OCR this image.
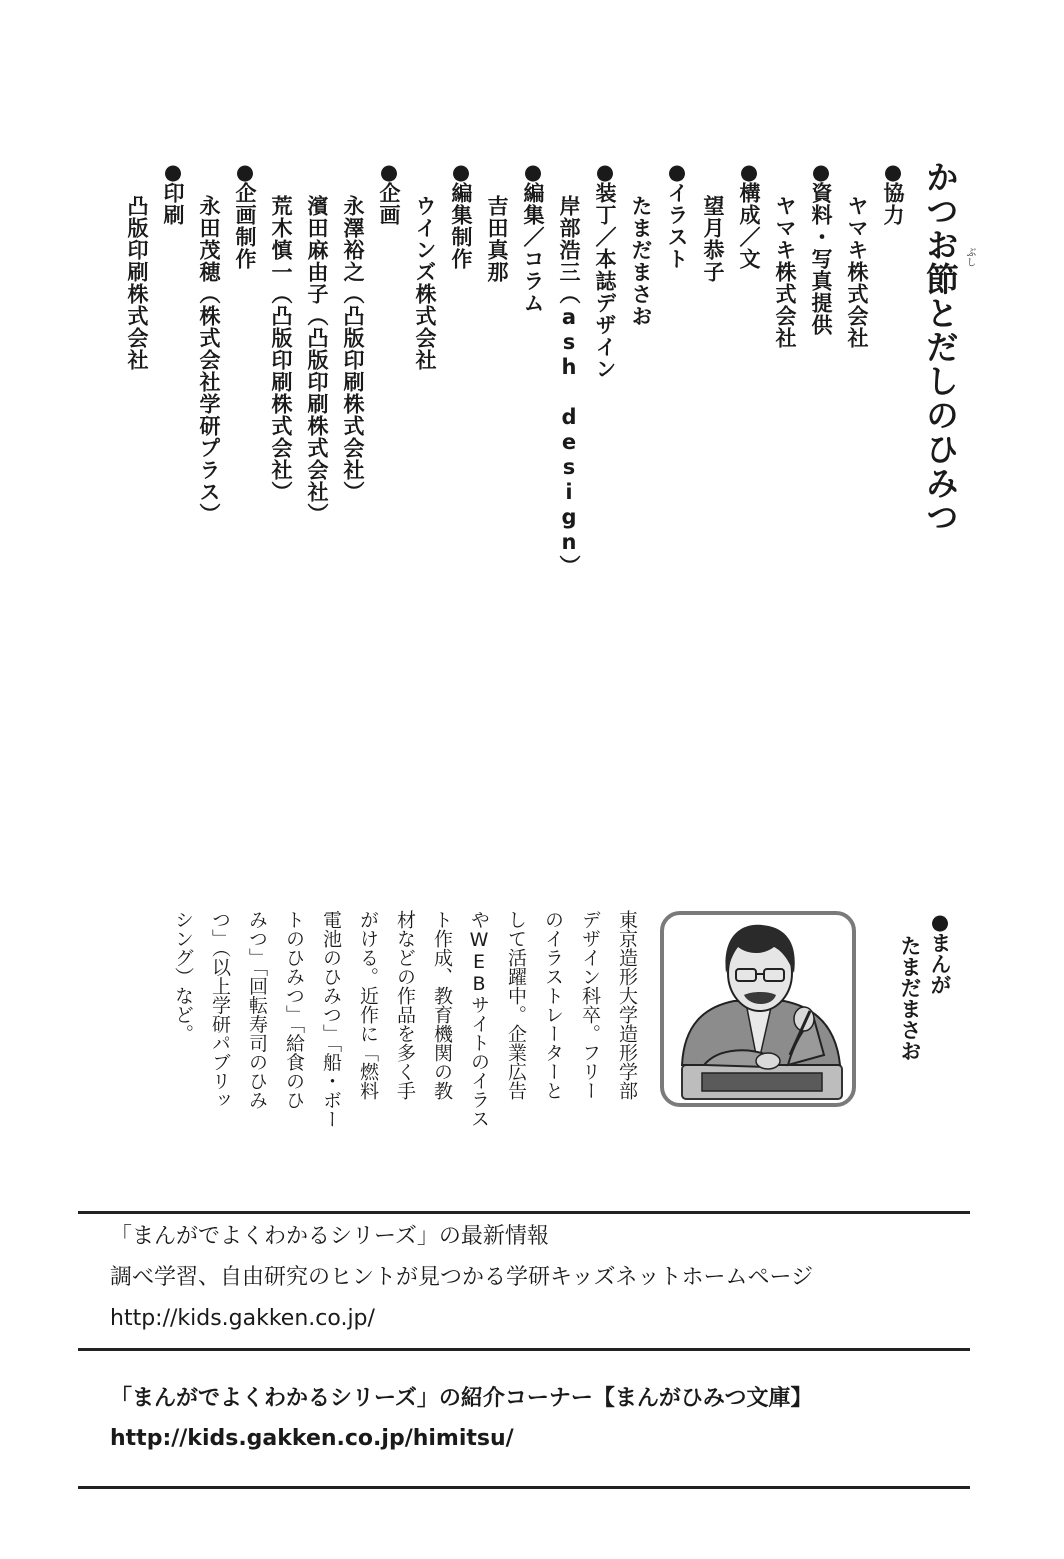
かつお節とだしのひみつ ぶし

●協力

ヤマキ株式会社

●資料・写真提供

ヤマキ株式会社

●構成／文

望月恭子

●イラスト

たまだまさお

●装丁／本誌デザイン

岸部浩三（ash design）

●編集／コラム

吉田真那

●編集制作

ウインズ株式会社

●企画

永澤裕之（凸版印刷株式会社）

濱田麻由子（凸版印刷株式会社）

荒木慎一（凸版印刷株式会社）

●企画制作

永田茂穂（株式会社学研プラス）

●印刷

凸版印刷株式会社

●まんが
たまだまさお
東京造形大学造形学部
デザイン科卒。フリー
のイラストレーターと
して活躍中。企業広告
やWEBサイトのイラス
ト作成、教育機関の教
材などの作品を多く手
がける。近作に「燃料
電池のひみつ」「船・ボー
トのひみつ」「給食のひ
みつ」「回転寿司のひみ
つ」（以上学研パブリッ
シング）など。

「まんがでよくわかるシリーズ」の最新情報

調べ学習、自由研究のヒントが見つかる学研キッズネットホームページ

http://kids.gakken.co.jp/

「まんがでよくわかるシリーズ」の紹介コーナー【まんがひみつ文庫】

http://kids.gakken.co.jp/himitsu/
